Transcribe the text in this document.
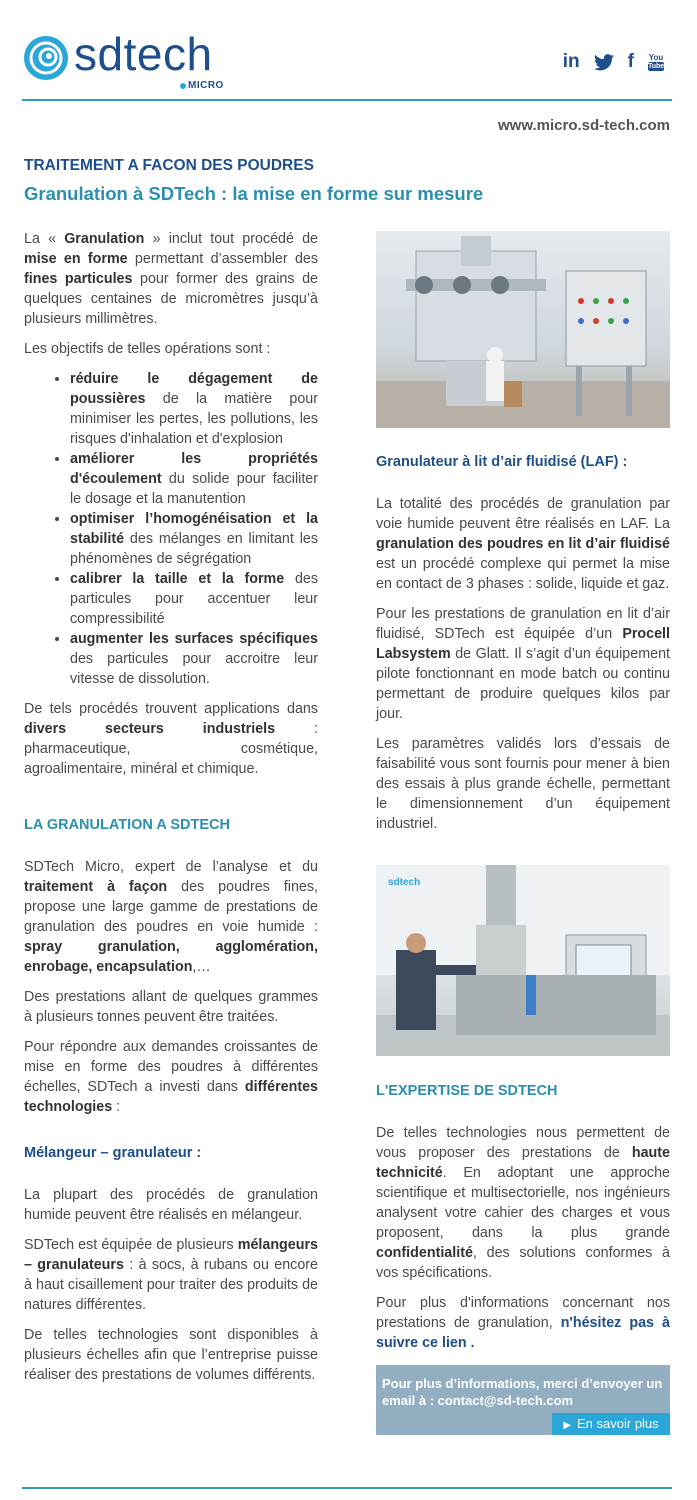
sdtech
MICRO
in	f You
Tube
www.micro.sd-tech.com
TRAITEMENT A FACON DES POUDRES
Granulation à SDTech : la mise en forme sur mesure

La « Granulation » inclut tout procédé de mise en forme permettant d’assembler des fines particules pour former des grains de quelques centaines de micromètres jusqu’à plusieurs millimètres.

Les objectifs de telles opérations sont :

• réduire le dégagement de poussières de la matière pour minimiser les pertes, les pollutions, les risques d'inhalation et d'explosion
• améliorer les propriétés d'écoulement du solide pour faciliter le dosage et la manutention
• optimiser l’homogénéisation et la stabilité des mélanges en limitant les phénomènes de ségrégation
• calibrer la taille et la forme des particules pour accentuer leur compressibilité
• augmenter les surfaces spécifiques des particules pour accroitre leur vitesse de dissolution.

De tels procédés trouvent applications dans divers secteurs industriels : pharmaceutique, cosmétique, agroalimentaire, minéral et chimique.

LA GRANULATION A SDTECH

SDTech Micro, expert de l’analyse et du traitement à façon des poudres fines, propose une large gamme de prestations de granulation des poudres en voie humide : spray granulation, agglomération, enrobage, encapsulation,…

Des prestations allant de quelques grammes à plusieurs tonnes peuvent être traitées.

Pour répondre aux demandes croissantes de mise en forme des poudres à différentes échelles, SDTech a investi dans différentes technologies :

Mélangeur – granulateur :

La plupart des procédés de granulation humide peuvent être réalisés en mélangeur.

SDTech est équipée de plusieurs mélangeurs – granulateurs : à socs, à rubans ou encore à haut cisaillement pour traiter des produits de natures différentes.

De telles technologies sont disponibles à plusieurs échelles afin que l’entreprise puisse réaliser des prestations de volumes différents.

Granulateur à lit d’air fluidisé (LAF) :

La totalité des procédés de granulation par voie humide peuvent être réalisés en LAF. La granulation des poudres en lit d’air fluidisé est un procédé complexe qui permet la mise en contact de 3 phases : solide, liquide et gaz.

Pour les prestations de granulation en lit d’air fluidisé, SDTech est équipée d’un Procell Labsystem de Glatt. Il s’agit d’un équipement pilote fonctionnant en mode batch ou continu permettant de produire quelques kilos par jour.

Les paramètres validés lors d’essais de faisabilité vous sont fournis pour mener à bien des essais à plus grande échelle, permettant le dimensionnement d’un équipement industriel.

sdtech

L'EXPERTISE DE SDTECH

De telles technologies nous permettent de vous proposer des prestations de haute technicité. En adoptant une approche scientifique et multisectorielle, nos ingénieurs analysent votre cahier des charges et vous proposent, dans la plus grande confidentialité, des solutions conformes à vos spécifications.

Pour plus d'informations concernant nos prestations de granulation, n'hésitez pas à suivre ce lien .

Pour plus d’informations, merci d’envoyer un email à : contact@sd-tech.com
▶ En savoir plus
